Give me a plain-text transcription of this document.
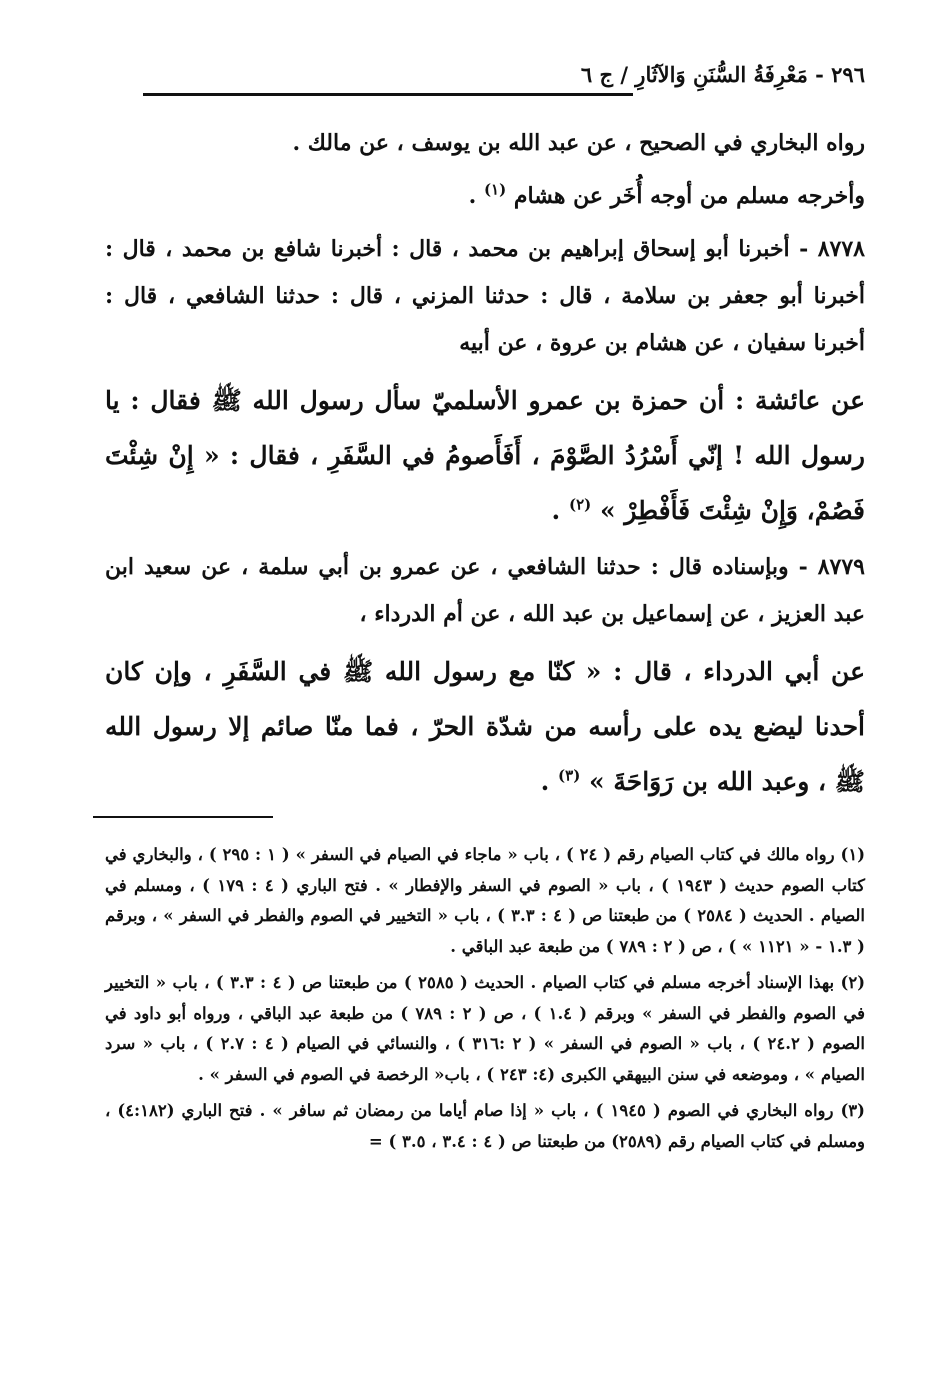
٢٩٦ - مَعْرِفَةُ السُّنَنِ وَالآثَارِ / ج ٦

رواه البخاري في الصحيح ، عن عبد الله بن يوسف ، عن مالك .

وأخرجه مسلم من أوجه أُخَر عن هشام $^{(١)}$ .

٨٧٧٨ - أخبرنا أبو إسحاق إبراهيم بن محمد ، قال : أخبرنا شافع بن محمد ، قال : أخبرنا أبو جعفر بن سلامة ، قال : حدثنا المزني ، قال : حدثنا الشافعي ، قال : أخبرنا سفيان ، عن هشام بن عروة ، عن أبيه

عن عائشة : أن حمزة بن عمرو الأسلميّ سأل رسول الله ﷺ فقال : يا رسول الله ! إنّي أَسْرُدُ الصَّوْمَ ، أَفَأَصومُ في السَّفَرِ ، فقال : « إِنْ شِئْتَ فَصُمْ، وَإِنْ شِئْتَ فَأَفْطِرْ » $^{(٢)}$ .

٨٧٧٩ - وبإسناده قال : حدثنا الشافعي ، عن عمرو بن أبي سلمة ، عن سعيد ابن عبد العزيز ، عن إسماعيل بن عبد الله ، عن أم الدرداء ،

عن أبي الدرداء ، قال : « كنّا مع رسول الله ﷺ في السَّفَرِ ، وإن كان أحدنا ليضع يده على رأسه من شدّة الحرّ ، فما منّا صائم إلا رسول الله ﷺ ، وعبد الله بن رَوَاحَةَ » $^{(٣)}$ .

(١) رواه مالك في كتاب الصيام رقم ( ٢٤ ) ، باب « ماجاء في الصيام في السفر » ( ١ : ٢٩٥ ) ، والبخاري في كتاب الصوم حديث ( ١٩٤٣ ) ، باب « الصوم في السفر والإفطار » . فتح الباري ( ٤ : ١٧٩ ) ، ومسلم في الصيام . الحديث ( ٢٥٨٤ ) من طبعتنا ص ( ٤ : ٣.٣ ) ، باب « التخيير في الصوم والفطر في السفر » ، وبرقم ( ١.٣ - « ١١٢١ » ) ، ص ( ٢ : ٧٨٩ ) من طبعة عبد الباقي .

(٢) بهذا الإسناد أخرجه مسلم في كتاب الصيام . الحديث ( ٢٥٨٥ ) من طبعتنا ص ( ٤ : ٣.٣ ) ، باب « التخيير في الصوم والفطر في السفر » وبرقم ( ١.٤ ) ، ص ( ٢ : ٧٨٩ ) من طبعة عبد الباقي ، ورواه أبو داود في الصوم ( ٢٤.٢ ) ، باب « الصوم في السفر » ( ٢ :٣١٦ ) ، والنسائي في الصيام ( ٤ : ٢.٧ ) ، باب « سرد الصيام » ، وموضعه في سنن البيهقي الكبرى (٤: ٢٤٣ ) ، باب« الرخصة في الصوم في السفر » .

(٣) رواه البخاري في الصوم ( ١٩٤٥ ) ، باب « إذا صام أياما من رمضان ثم سافر » . فتح الباري (٤:١٨٢) ، ومسلم في كتاب الصيام رقم (٢٥٨٩) من طبعتنا ص ( ٤ : ٣.٤ ، ٣.٥ ) =
